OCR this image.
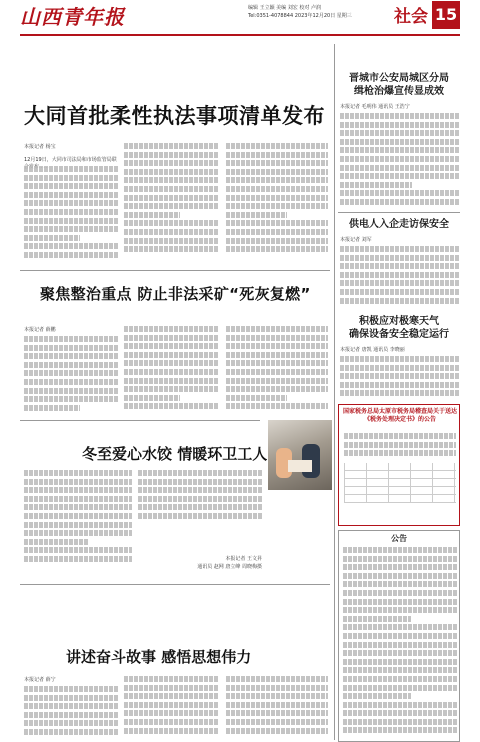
山西青年报	编辑 王立颖 美编 刘宏 校对 卢润
Tel:0351-4078844 2023年12月20日 星期三	社会 15
大同首批柔性执法事项清单发布
本报记者 杨宝
12月19日，大同市司法局和市场监管局联
聚焦整治重点 防止非法采矿“死灰复燃”
本报记者 薛鹏
冬至爱心水饺 情暖环卫工人
本报记者 王文昇
通讯员 赵网 唐立峰 周晓梅摄
讲述奋斗故事 感悟思想伟力
本报记者 薛宁
晋城市公安局城区分局
缉枪治爆宣传显成效
本报记者 毛明伟 通讯员 王浩宁
供电人入企走访保安全
本报记者 刘军
积极应对极寒天气
确保设备安全稳定运行
本报记者 唐凯 通讯员 李晓丽
国家税务总局太原市税务局稽查局关于送达《税务处理决定书》的公告
公告
